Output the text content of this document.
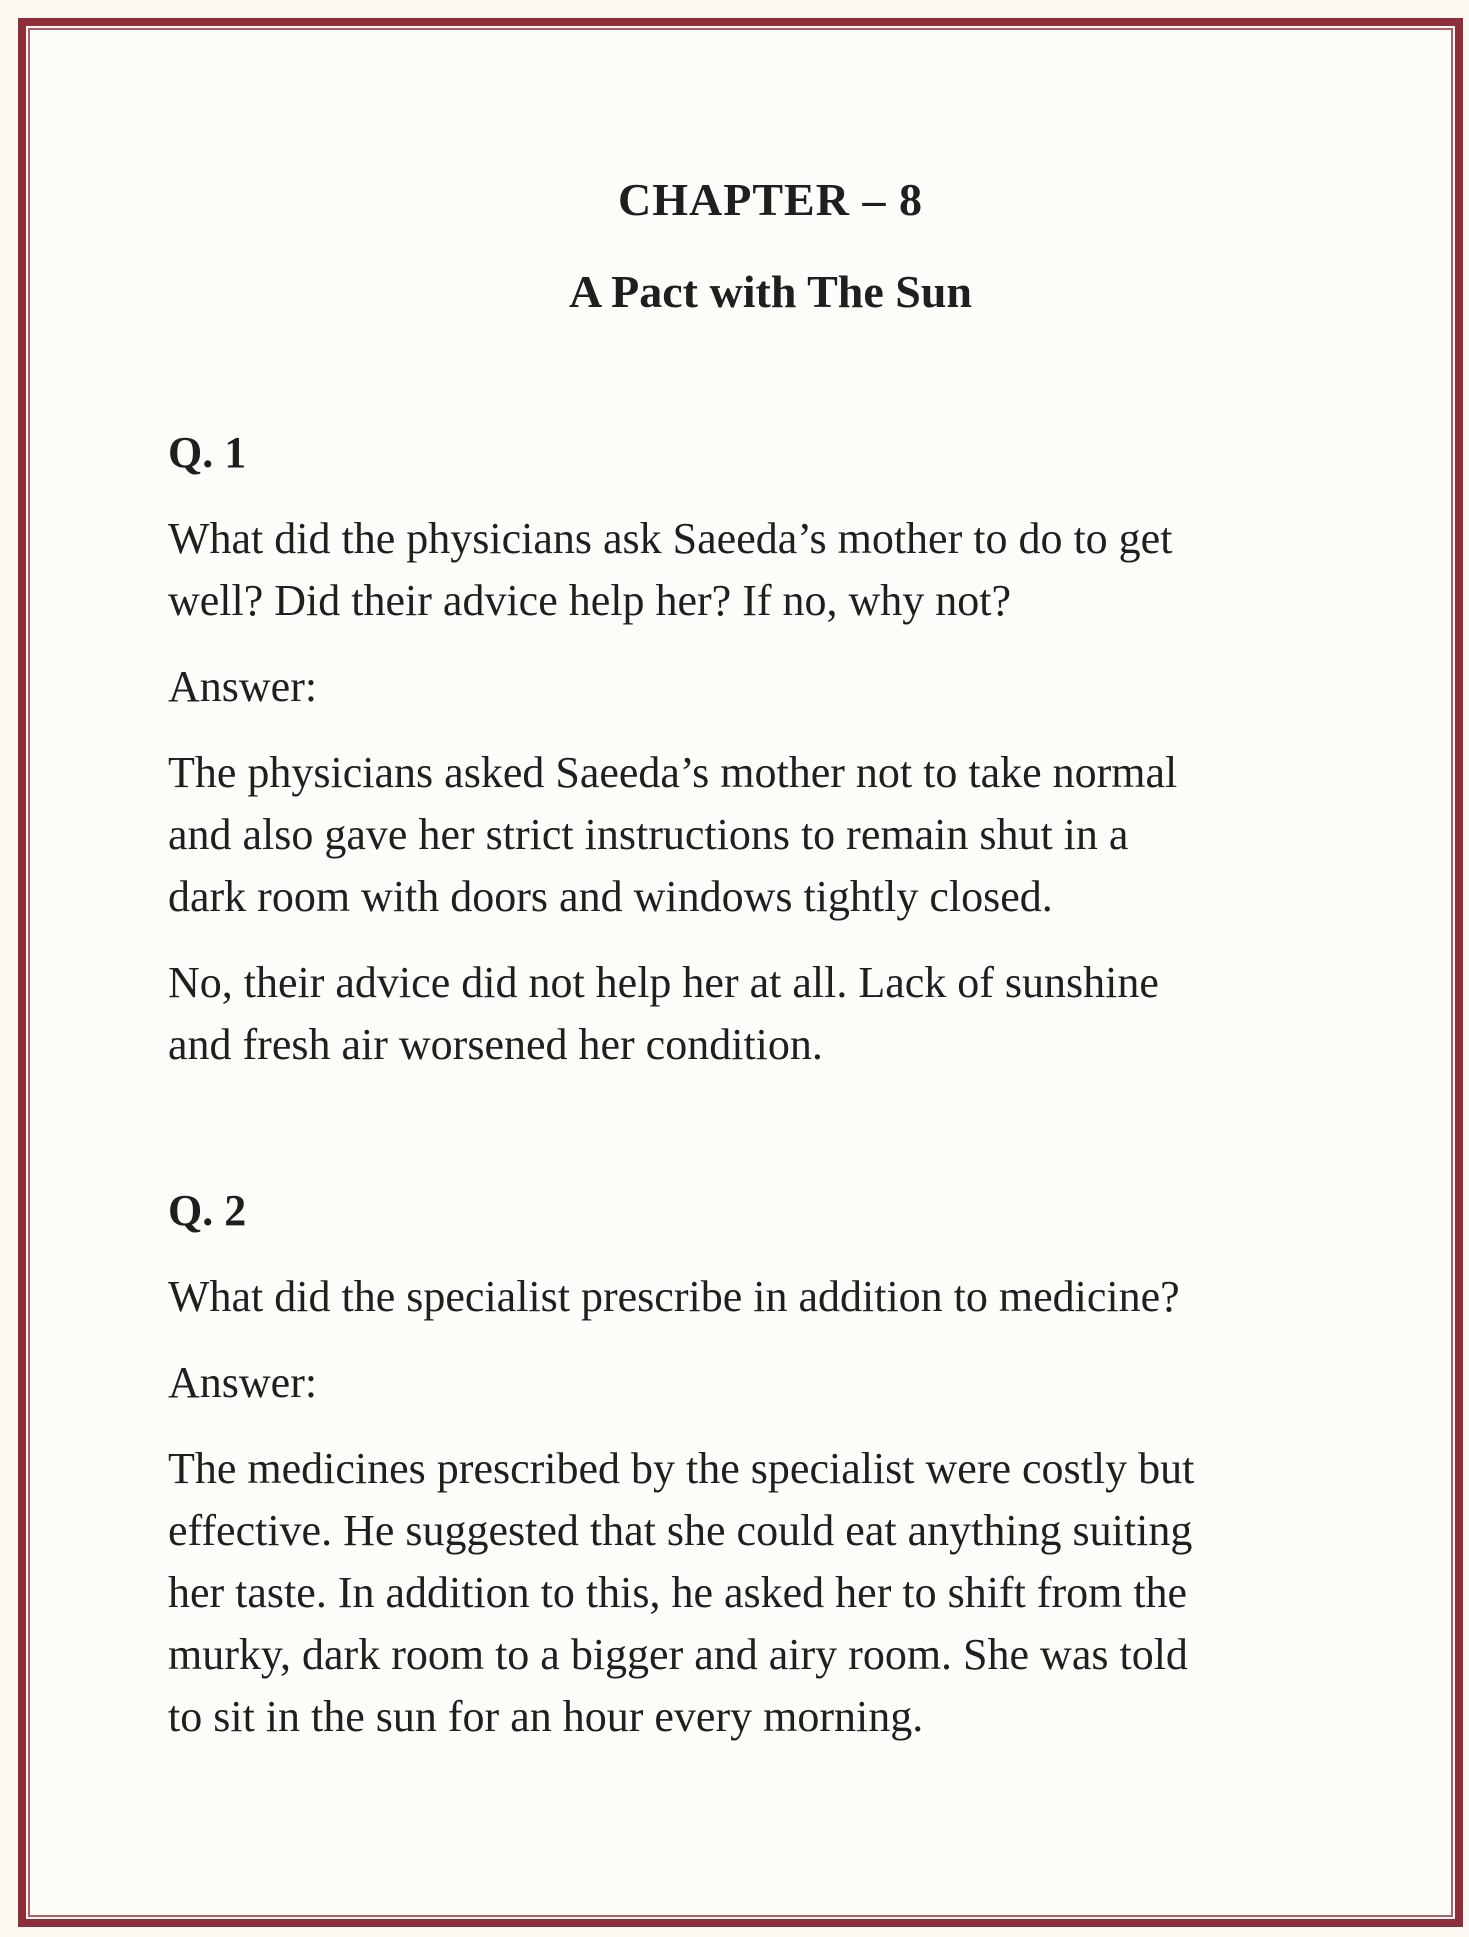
CHAPTER – 8
A Pact with The Sun
Q. 1
What did the physicians ask Saeeda’s mother to do to get
well? Did their advice help her? If no, why not?
Answer:
The physicians asked Saeeda’s mother not to take normal
and also gave her strict instructions to remain shut in a
dark room with doors and windows tightly closed.
No, their advice did not help her at all. Lack of sunshine
and fresh air worsened her condition.
Q. 2
What did the specialist prescribe in addition to medicine?
Answer:
The medicines prescribed by the specialist were costly but
effective. He suggested that she could eat anything suiting
her taste. In addition to this, he asked her to shift from the
murky, dark room to a bigger and airy room. She was told
to sit in the sun for an hour every morning.
